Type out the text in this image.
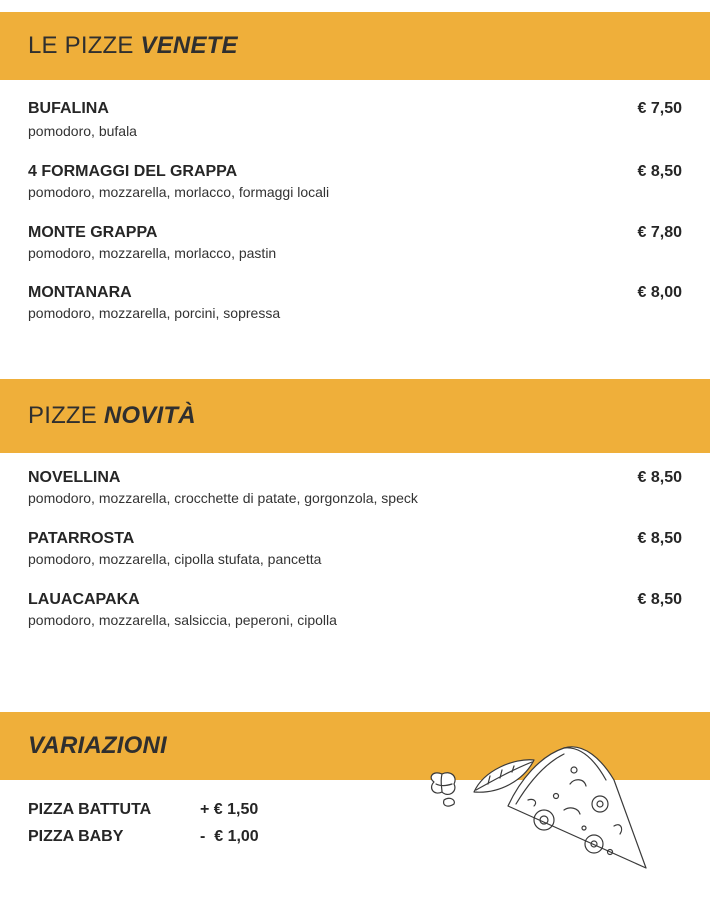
LE PIZZE VENETE
BUFALINA	€ 7,50
pomodoro, bufala
4 FORMAGGI DEL GRAPPA	€ 8,50
pomodoro, mozzarella, morlacco, formaggi locali
MONTE GRAPPA	€ 7,80
pomodoro, mozzarella, morlacco, pastin
MONTANARA	€ 8,00
pomodoro, mozzarella, porcini, sopressa
PIZZE NOVITÀ
NOVELLINA	€ 8,50
pomodoro, mozzarella, crocchette di patate, gorgonzola, speck
PATARROSTA	€ 8,50
pomodoro, mozzarella, cipolla stufata, pancetta
LAUACAPAKA	€ 8,50
pomodoro, mozzarella, salsiccia, peperoni, cipolla
VARIAZIONI
PIZZA BATTUTA	+ € 1,50
PIZZA BABY	-  € 1,00
